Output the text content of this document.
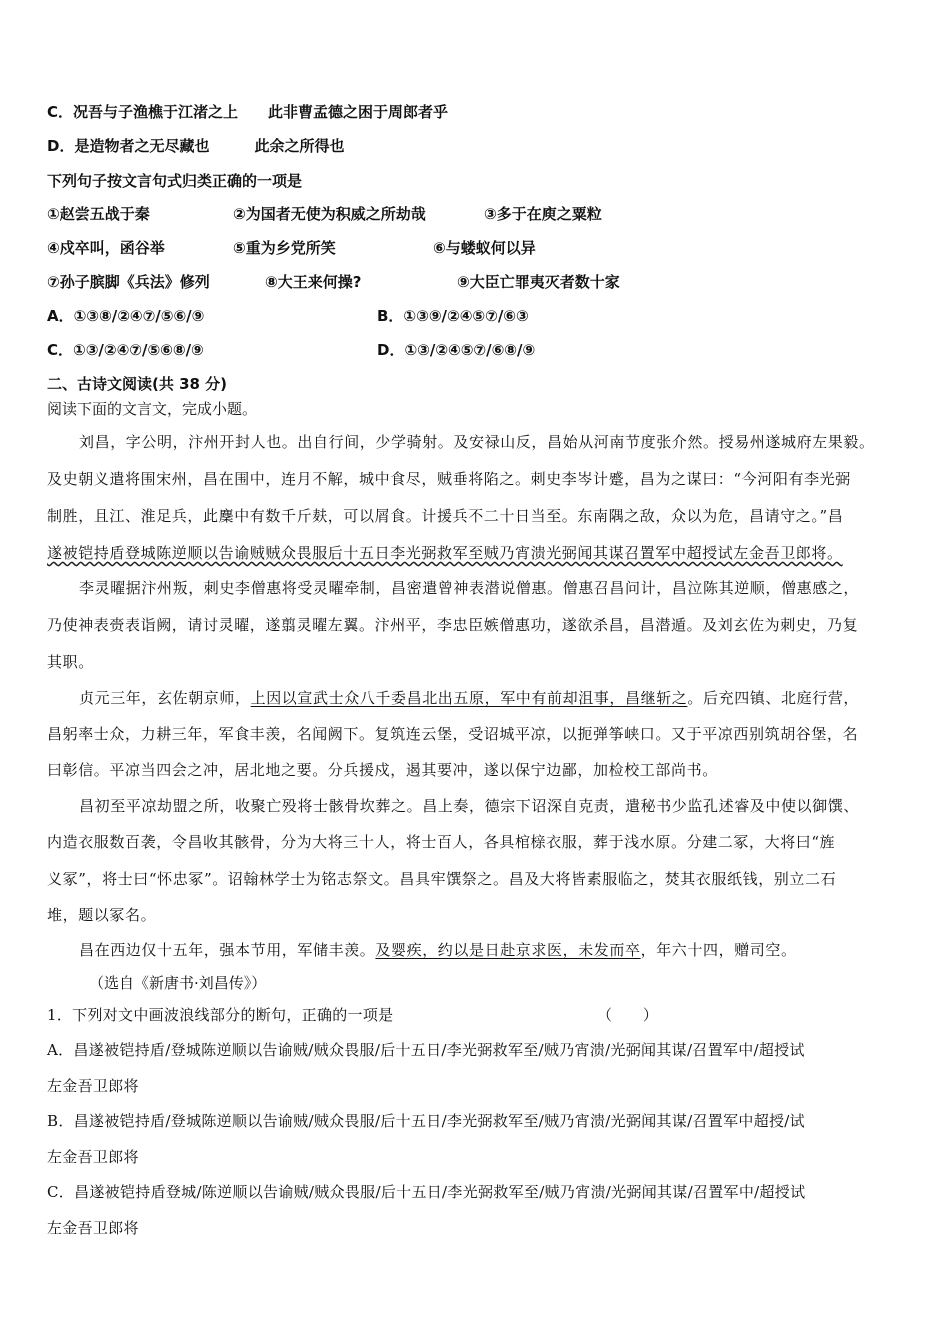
C．况吾与子渔樵于江渚之上　　此非曹孟德之困于周郎者乎
D．是造物者之无尽藏也　　　此余之所得也
下列句子按文言句式归类正确的一项是
①赵尝五战于秦	②为国者无使为积威之所劫哉	③多于在庾之粟粒
④戍卒叫，函谷举	⑤重为乡党所笑	⑥与蝼蚁何以异
⑦孙子膑脚《兵法》修列	⑧大王来何操?	⑨大臣亡罪夷灭者数十家
A．①③⑧/②④⑦/⑤⑥/⑨	B．①③⑨/②④⑤⑦/⑥③
C．①③/②④⑦/⑤⑥⑧/⑨	D．①③/②④⑤⑦/⑥⑧/⑨
二、古诗文阅读(共 38 分)
阅读下面的文言文，完成小题。
刘昌，字公明，汴州开封人也。出自行间，少学骑射。及安禄山反，昌始从河南节度张介然。授易州遂城府左果毅。
及史朝义遣将围宋州，昌在围中，连月不解，城中食尽，贼垂将陷之。刺史李岑计蹙，昌为之谋曰：“今河阳有李光弼
制胜，且江、淮足兵，此麇中有数千斤麸，可以屑食。计援兵不二十日当至。东南隅之敌，众以为危，昌请守之。”昌
遂被铠持盾登城陈逆顺以告谕贼贼众畏服后十五日李光弼救军至贼乃宵溃光弼闻其谋召置军中超授试左金吾卫郎将。
李灵曜据汴州叛，刺史李僧惠将受灵曜牵制，昌密遣曾神表潜说僧惠。僧惠召昌问计，昌泣陈其逆顺，僧惠感之，
乃使神表赍表诣阙，请讨灵曜，遂翦灵曜左翼。汴州平，李忠臣嫉僧惠功，遂欲杀昌，昌潜遁。及刘玄佐为刺史，乃复
其职。
贞元三年，玄佐朝京师，上因以宣武士众八千委昌北出五原，军中有前却沮事，昌继斩之。后充四镇、北庭行营，
昌躬率士众，力耕三年，军食丰羡，名闻阙下。复筑连云堡，受诏城平凉，以扼弹筝峡口。又于平凉西别筑胡谷堡，名
曰彰信。平凉当四会之冲，居北地之要。分兵援戍，遏其要冲，遂以保宁边鄙，加检校工部尚书。
昌初至平凉劫盟之所，收聚亡殁将士骸骨坎葬之。昌上奏，德宗下诏深自克责，遣秘书少监孔述睿及中使以御馔、
内造衣服数百袭，令昌收其骸骨，分为大将三十人，将士百人，各具棺榇衣服，葬于浅水原。分建二冢，大将曰“旌
义冢”，将士曰“怀忠冢”。诏翰林学士为铭志祭文。昌具牢馔祭之。昌及大将皆素服临之，焚其衣服纸钱，别立二石
堆，题以冢名。
昌在西边仅十五年，强本节用，军储丰羡。及婴疾，约以是日赴京求医，未发而卒，年六十四，赠司空。
（选自《新唐书·刘昌传》）
1．下列对文中画波浪线部分的断句，正确的一项是	（　　）
A．昌遂被铠持盾/登城陈逆顺以告谕贼/贼众畏服/后十五日/李光弼救军至/贼乃宵溃/光弼闻其谋/召置军中/超授试
左金吾卫郎将
B．昌遂被铠持盾/登城陈逆顺以告谕贼/贼众畏服/后十五日/李光弼救军至/贼乃宵溃/光弼闻其谋/召置军中超授/试
左金吾卫郎将
C．昌遂被铠持盾登城/陈逆顺以告谕贼/贼众畏服/后十五日/李光弼救军至/贼乃宵溃/光弼闻其谋/召置军中/超授试
左金吾卫郎将
